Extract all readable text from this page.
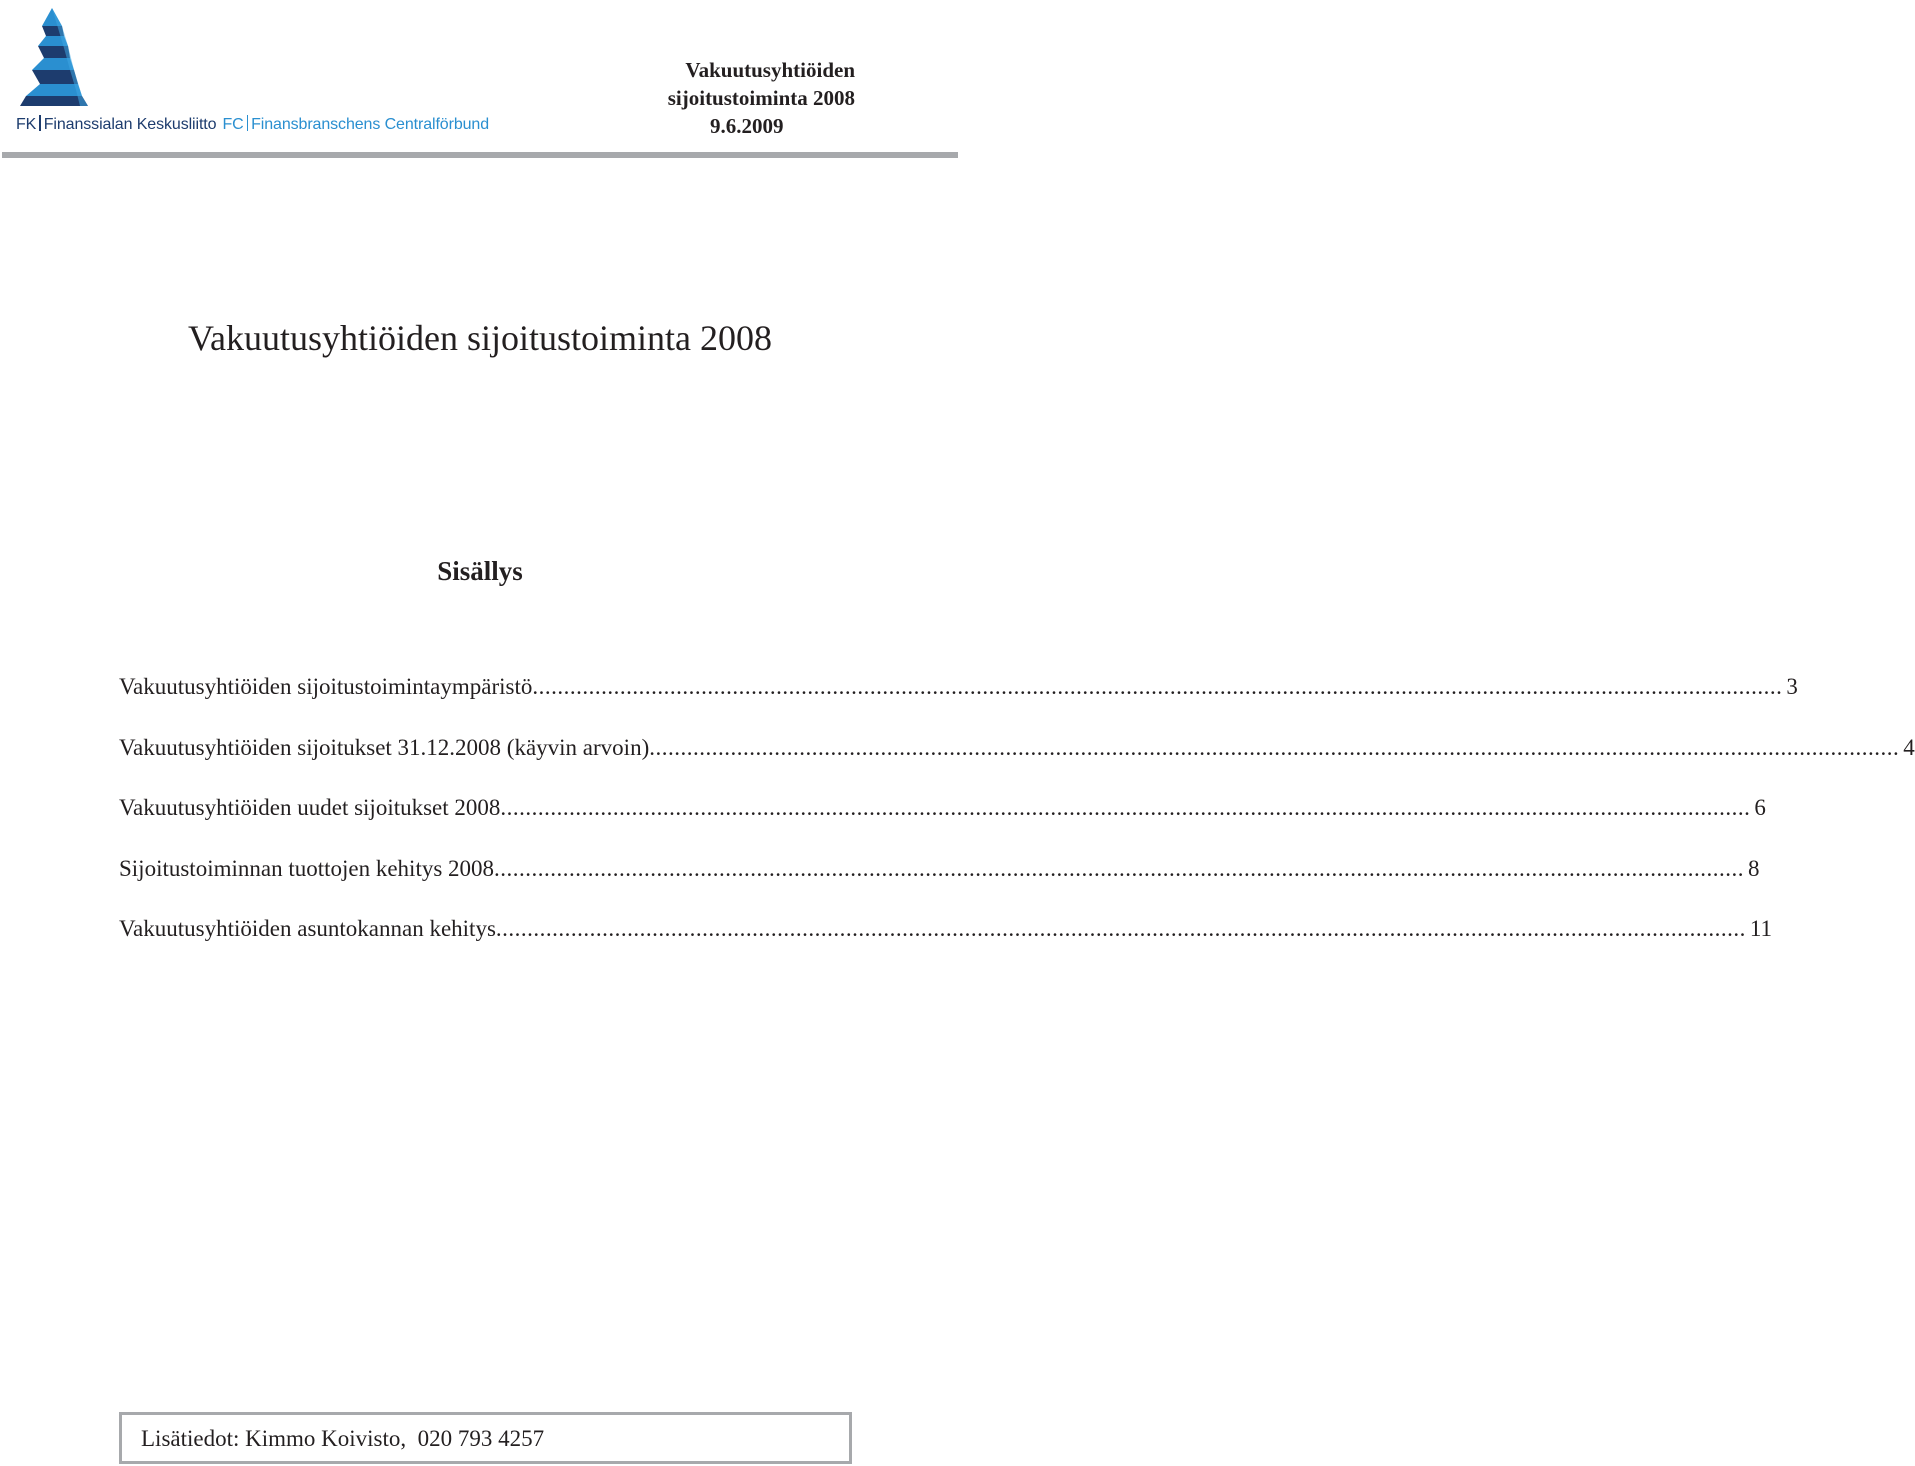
FK Finanssialan Keskusliitto FC Finansbranschens Centralförbund
Vakuutusyhtiöiden
sijoitustoiminta 2008
9.6.2009
Vakuutusyhtiöiden sijoitustoiminta 2008
Sisällys
Vakuutusyhtiöiden sijoitustoimintaympäristö ........................................................................................................................................................................................................ 3
Vakuutusyhtiöiden sijoitukset 31.12.2008 (käyvin arvoin) ........................................................................................................................................................................................................ 4
Vakuutusyhtiöiden uudet sijoitukset 2008 ........................................................................................................................................................................................................ 6
Sijoitustoiminnan tuottojen kehitys 2008 ........................................................................................................................................................................................................ 8
Vakuutusyhtiöiden asuntokannan kehitys ........................................................................................................................................................................................................ 11
Lisätiedot: Kimmo Koivisto,  020 793 4257
